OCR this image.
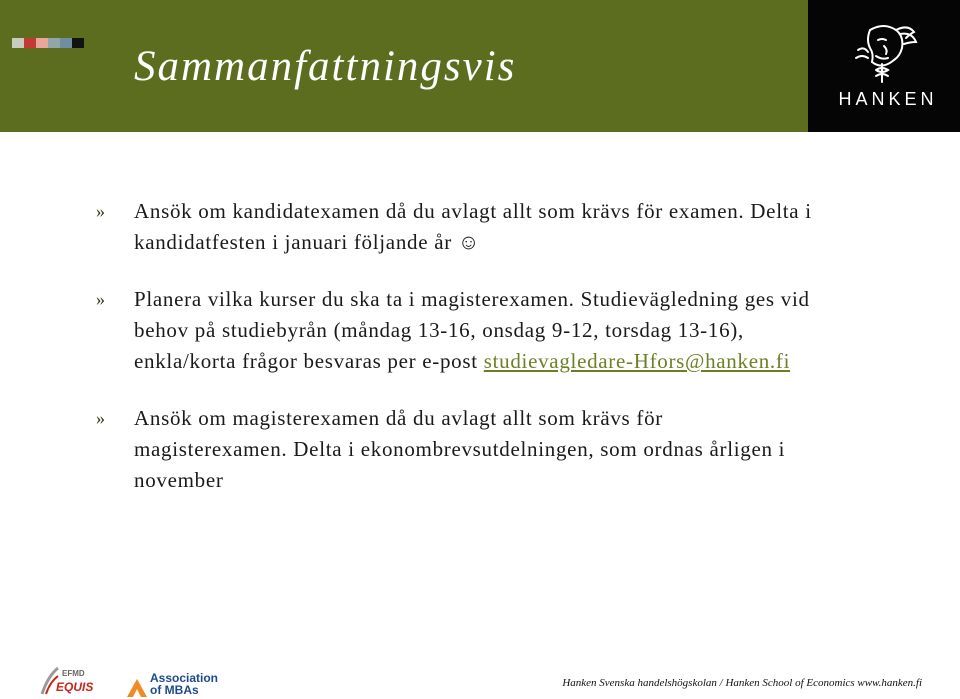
Sammanfattningsvis
HANKEN
» Ansök om kandidatexamen då du avlagt allt som krävs för examen. Delta i kandidatfesten i januari följande år ☺
» Planera vilka kurser du ska ta i magisterexamen. Studievägledning ges vid behov på studiebyrån (måndag 13-16, onsdag 9-12, torsdag 13-16), enkla/korta frågor besvaras per e-post studievagledare-Hfors@hanken.fi
» Ansök om magisterexamen då du avlagt allt som krävs för magisterexamen. Delta i ekonombrevsutdelningen, som ordnas årligen i november
EFMD
EQUIS
Association
of MBAs	Hanken Svenska handelshögskolan / Hanken School of Economics www.hanken.fi
